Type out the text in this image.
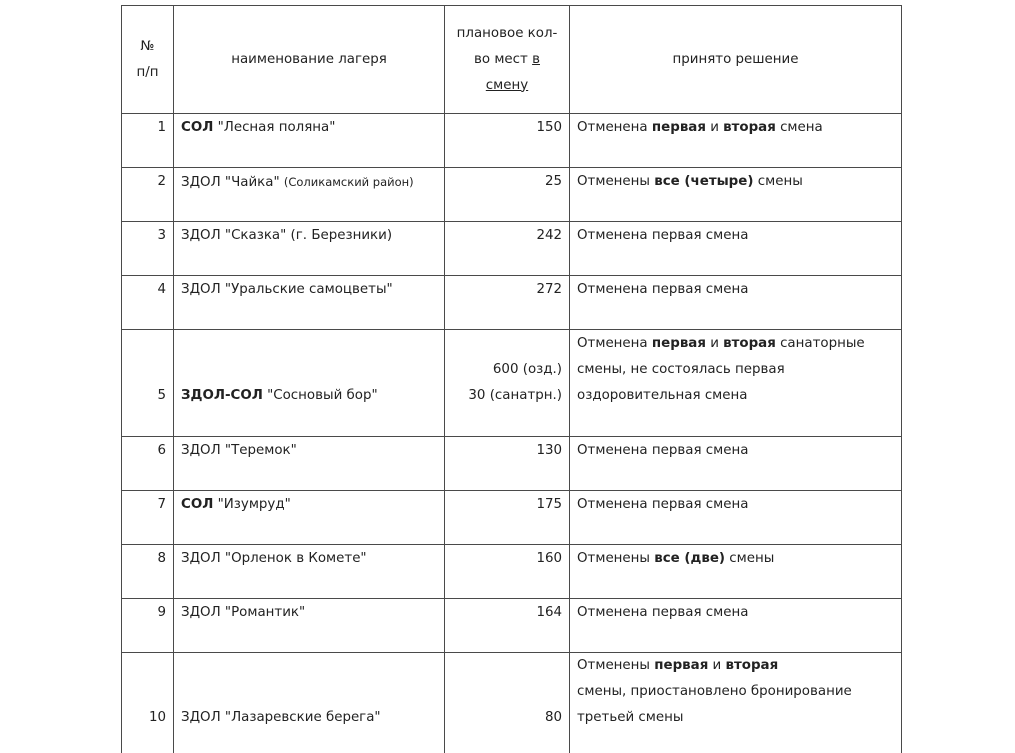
№
п/п	наименование лагеря	плановое кол-
во мест в
смену	принято решение
1	СОЛ "Лесная поляна"	150	Отменена первая и вторая смена
2	ЗДОЛ "Чайка" (Соликамский район)	25	Отменены все (четыре) смены
3	ЗДОЛ "Сказка" (г. Березники)	242	Отменена первая смена
4	ЗДОЛ "Уральские самоцветы"	272	Отменена первая смена
5	ЗДОЛ-СОЛ "Сосновый бор"	600 (озд.)
30 (санатрн.)	Отменена первая и вторая санаторные
смены, не состоялась первая
оздоровительная смена

6	ЗДОЛ "Теремок"	130	Отменена первая смена
7	СОЛ "Изумруд"	175	Отменена первая смена
8	ЗДОЛ "Орленок в Комете"	160	Отменены все (две) смены
9	ЗДОЛ "Романтик"	164	Отменена первая смена
10	ЗДОЛ "Лазаревские берега"	80	Отменены первая и вторая
смены, приостановлено бронирование
третьей смены
